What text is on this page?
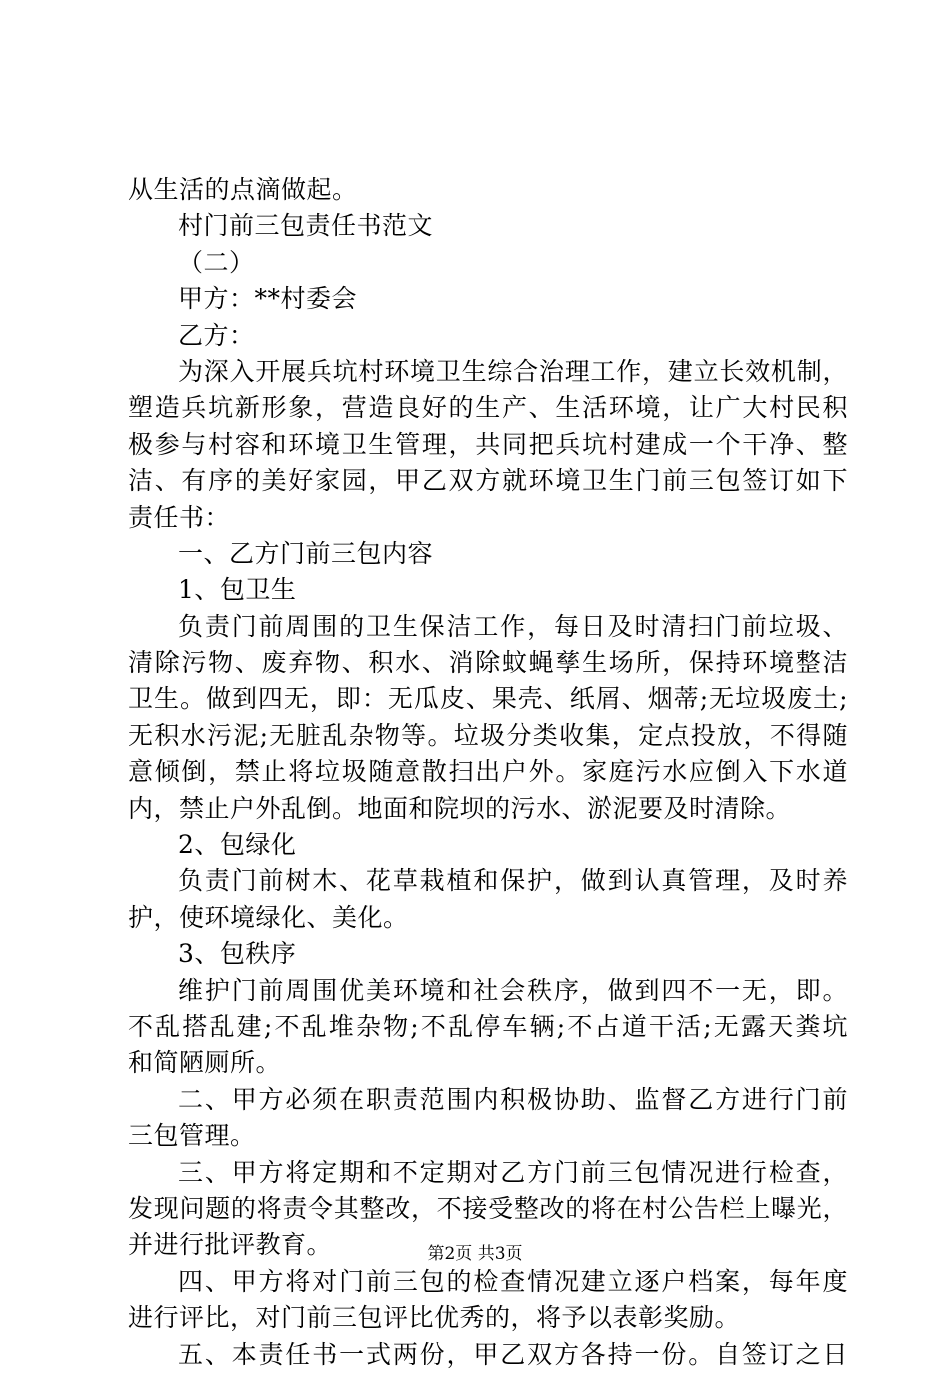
从生活的点滴做起。
村门前三包责任书范文
（二）
甲方：**村委会
乙方：
为深入开展兵坑村环境卫生综合治理工作，建立长效机制，
塑造兵坑新形象，营造良好的生产、生活环境，让广大村民积
极参与村容和环境卫生管理，共同把兵坑村建成一个干净、整
洁、有序的美好家园，甲乙双方就环境卫生门前三包签订如下
责任书：
一、乙方门前三包内容
1、包卫生
负责门前周围的卫生保洁工作，每日及时清扫门前垃圾、
清除污物、废弃物、积水、消除蚊蝇孳生场所，保持环境整洁
卫生。做到四无，即：无瓜皮、果壳、纸屑、烟蒂;无垃圾废土;
无积水污泥;无脏乱杂物等。垃圾分类收集，定点投放，不得随
意倾倒，禁止将垃圾随意散扫出户外。家庭污水应倒入下水道
内，禁止户外乱倒。地面和院坝的污水、淤泥要及时清除。
2、包绿化
负责门前树木、花草栽植和保护，做到认真管理，及时养
护，使环境绿化、美化。
3、包秩序
维护门前周围优美环境和社会秩序，做到四不一无，即。
不乱搭乱建;不乱堆杂物;不乱停车辆;不占道干活;无露天粪坑
和简陋厕所。
二、甲方必须在职责范围内积极协助、监督乙方进行门前
三包管理。
三、甲方将定期和不定期对乙方门前三包情况进行检查，
发现问题的将责令其整改，不接受整改的将在村公告栏上曝光，
并进行批评教育。
四、甲方将对门前三包的检查情况建立逐户档案，每年度
进行评比，对门前三包评比优秀的，将予以表彰奖励。
五、本责任书一式两份，甲乙双方各持一份。自签订之日
第2页 共3页
